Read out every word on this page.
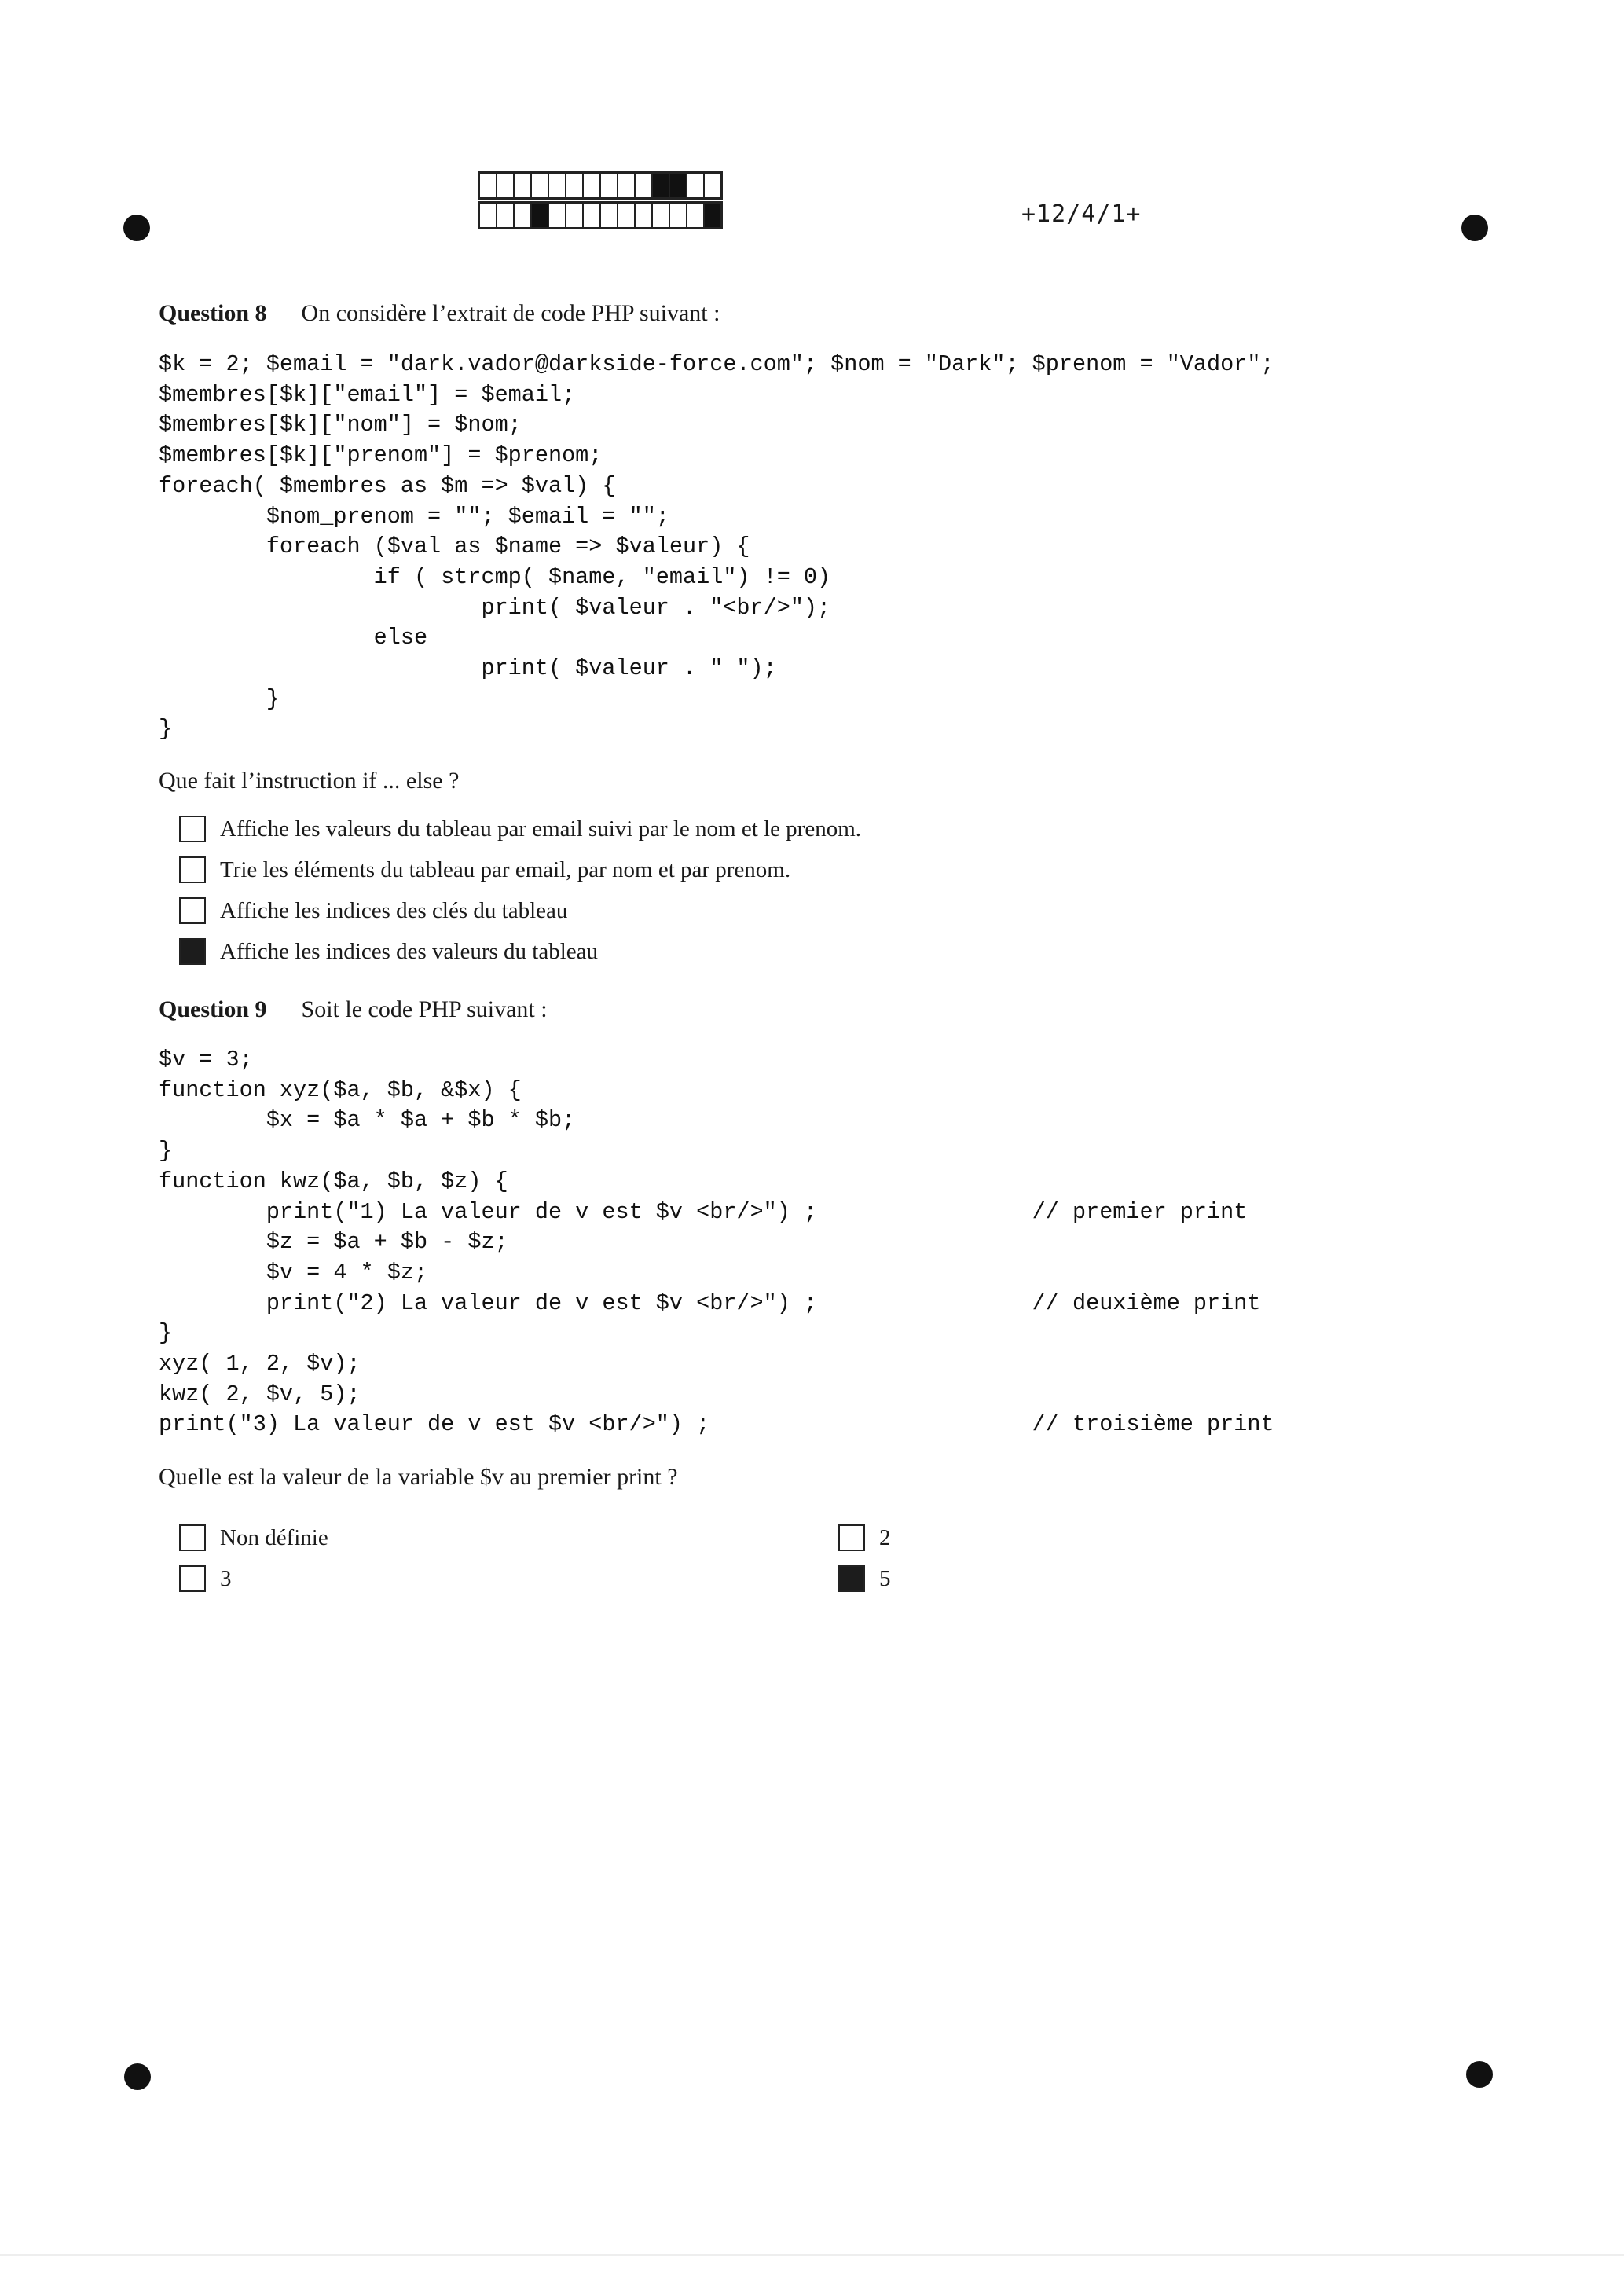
+12/4/1+
Question 8 On considère l’extrait de code PHP suivant :
$k = 2; $email = "dark.vador@darkside-force.com"; $nom = "Dark"; $prenom = "Vador";
$membres[$k]["email"] = $email;
$membres[$k]["nom"] = $nom;
$membres[$k]["prenom"] = $prenom;
foreach( $membres as $m => $val) {
$nom_prenom = ""; $email = "";
foreach ($val as $name => $valeur) {
if ( strcmp( $name, "email") != 0)
print( $valeur . "<br/>");
else
print( $valeur . " ");
}
}
Que fait l’instruction if ... else ?
Affiche les valeurs du tableau par email suivi par le nom et le prenom.
Trie les éléments du tableau par email, par nom et par prenom.
Affiche les indices des clés du tableau
Affiche les indices des valeurs du tableau
Question 9 Soit le code PHP suivant :
$v = 3;
function xyz($a, $b, &$x) {
$x = $a * $a + $b * $b;
}
function kwz($a, $b, $z) {
print("1) La valeur de v est $v <br/>") ;                // premier print
$z = $a + $b - $z;
$v = 4 * $z;
print("2) La valeur de v est $v <br/>") ;                // deuxième print
}
xyz( 1, 2, $v);
kwz( 2, $v, 5);
print("3) La valeur de v est $v <br/>") ;                        // troisième print
Quelle est la valeur de la variable $v au premier print ?
Non définie	2
3	5
